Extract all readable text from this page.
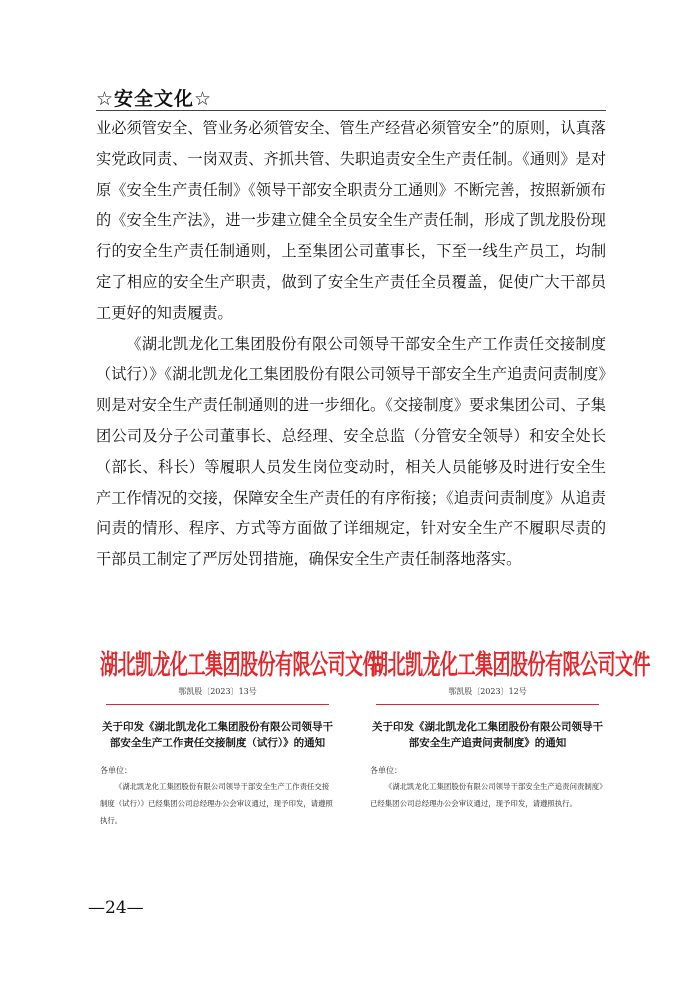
☆安全文化☆

业必须管安全、管业务必须管安全、管生产经营必须管安全”的原则，认真落实党政同责、一岗双责、齐抓共管、失职追责安全生产责任制。《通则》是对原《安全生产责任制》《领导干部安全职责分工通则》不断完善，按照新颁布的《安全生产法》，进一步建立健全全员安全生产责任制，形成了凯龙股份现行的安全生产责任制通则，上至集团公司董事长，下至一线生产员工，均制定了相应的安全生产职责，做到了安全生产责任全员覆盖，促使广大干部员工更好的知责履责。

《湖北凯龙化工集团股份有限公司领导干部安全生产工作责任交接制度（试行）》《湖北凯龙化工集团股份有限公司领导干部安全生产追责问责制度》则是对安全生产责任制通则的进一步细化。《交接制度》要求集团公司、子集团公司及分子公司董事长、总经理、安全总监（分管安全领导）和安全处长（部长、科长）等履职人员发生岗位变动时，相关人员能够及时进行安全生产工作情况的交接，保障安全生产责任的有序衔接；《追责问责制度》从追责问责的情形、程序、方式等方面做了详细规定，针对安全生产不履职尽责的干部员工制定了严厉处罚措施，确保安全生产责任制落地落实。

湖北凯龙化工集团股份有限公司文件
鄂凯股〔2023〕13号
关于印发《湖北凯龙化工集团股份有限公司领导干部安全生产工作责任交接制度（试行）》的通知
各单位：
《湖北凯龙化工集团股份有限公司领导干部安全生产工作责任交接制度（试行）》已经集团公司总经理办公会审议通过，现予印发，请遵照执行。
湖北凯龙化工集团股份有限公司文件
鄂凯股〔2023〕12号
关于印发《湖北凯龙化工集团股份有限公司领导干部安全生产追责问责制度》的通知
各单位：
《湖北凯龙化工集团股份有限公司领导干部安全生产追责问责制度》已经集团公司总经理办公会审议通过，现予印发，请遵照执行。
—24—
